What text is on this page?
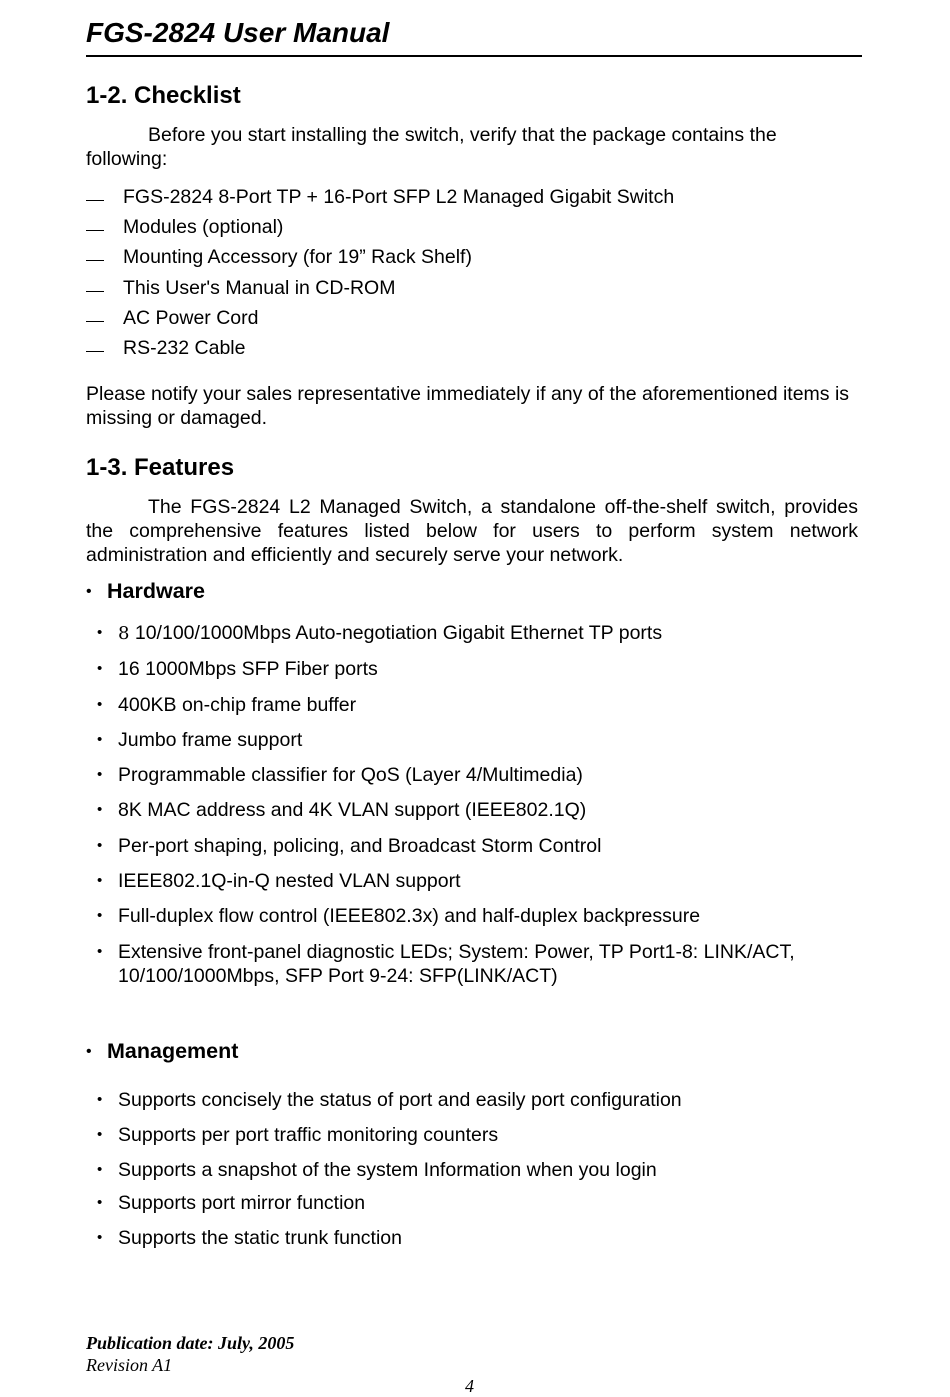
FGS-2824 User Manual
1-2. Checklist

Before you start installing the switch, verify that the package contains the following:

FGS-2824 8-Port TP + 16-Port SFP L2 Managed Gigabit Switch
Modules (optional)
Mounting Accessory (for 19” Rack Shelf)
This User's Manual in CD-ROM
AC Power Cord
RS-232 Cable

Please notify your sales representative immediately if any of the aforementioned items is missing or damaged.

1-3. Features

The FGS-2824 L2 Managed Switch, a standalone off-the-shelf switch, provides the comprehensive features listed below for users to perform system network administration and efficiently and securely serve your network.

• Hardware
• 8 10/100/1000Mbps Auto-negotiation Gigabit Ethernet TP ports
• 16 1000Mbps SFP Fiber ports
• 400KB on-chip frame buffer
• Jumbo frame support
• Programmable classifier for QoS (Layer 4/Multimedia)
• 8K MAC address and 4K VLAN support (IEEE802.1Q)
• Per-port shaping, policing, and Broadcast Storm Control
• IEEE802.1Q-in-Q nested VLAN support
• Full-duplex flow control (IEEE802.3x) and half-duplex backpressure
• Extensive front-panel diagnostic LEDs; System: Power, TP Port1-8: LINK/ACT, 10/100/1000Mbps, SFP Port 9-24: SFP(LINK/ACT)
• Management
• Supports concisely the status of port and easily port configuration
• Supports per port traffic monitoring counters
• Supports a snapshot of the system Information when you login
• Supports port mirror function
• Supports the static trunk function

Publication date: July, 2005

Revision A1

4
